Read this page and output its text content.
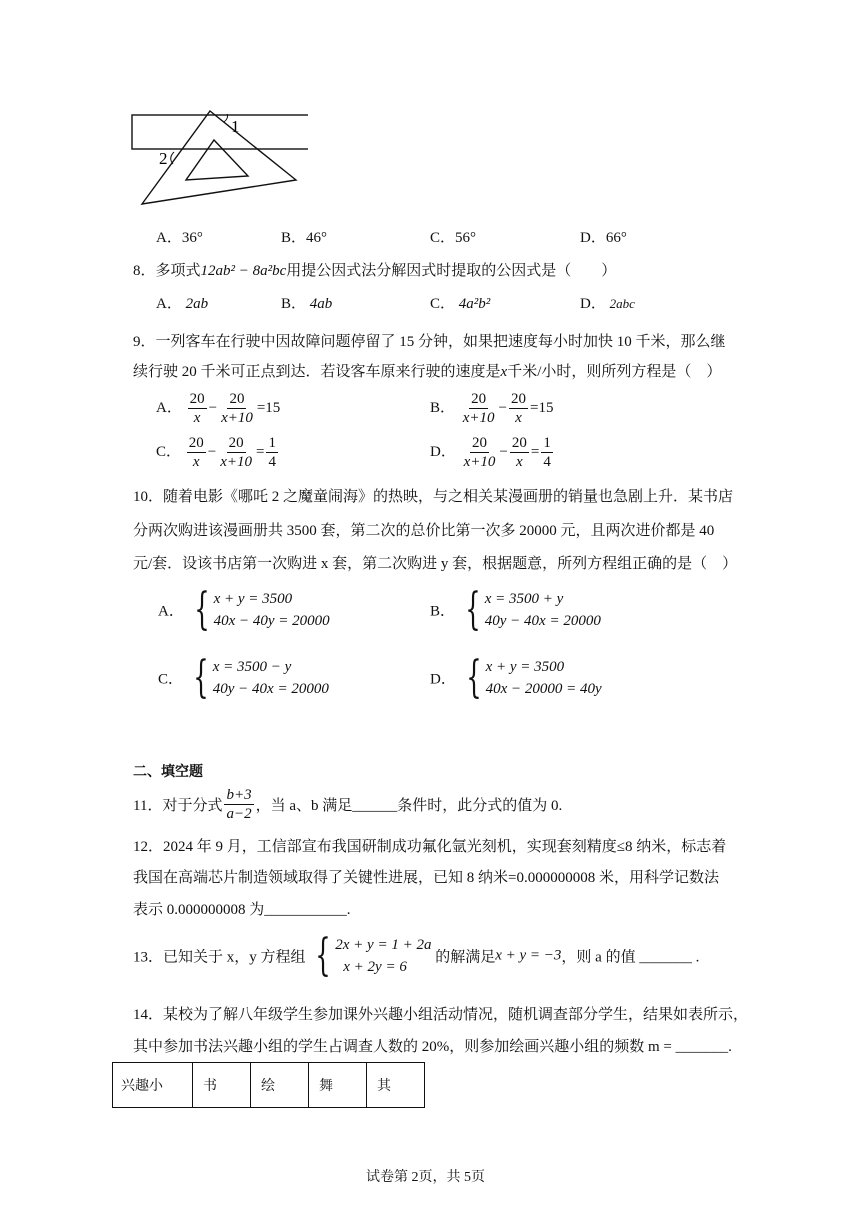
1
2
A．36°	B．46°	C．56°	D．66°
8．多项式12ab² − 8a²bc用提公因式法分解因式时提取的公因式是（　　）
A． 2ab	B． 4ab	C． 4a²b²	D． 2abc
9．一列客车在行驶中因故障问题停留了 15 分钟，如果把速度每小时加快 10 千米，那么继
续行驶 20 千米可正点到达．若设客车原来行驶的速度是x千米/小时，则所列方程是（　）
A． $\frac{20}{x} - \frac{20}{x+10} =15$	B． $\frac{20}{x+10} - \frac{20}{x} =15$
C． $\frac{20}{x} - \frac{20}{x+10} = \frac{1}{4}$	D． $\frac{20}{x+10} - \frac{20}{x} = \frac{1}{4}$
10．随着电影《哪吒 2 之魔童闹海》的热映，与之相关某漫画册的销量也急剧上升．某书店
分两次购进该漫画册共 3500 套，第二次的总价比第一次多 20000 元，且两次进价都是 40
元/套．设该书店第一次购进 x 套，第二次购进 y 套，根据题意，所列方程组正确的是（　）
A． { x + y = 3500
40x − 40y = 20000
B． { x = 3500 + y
40y − 40x = 20000
C． { x = 3500 − y
40y − 40x = 20000
D． { x + y = 3500
40x − 20000 = 40y
二、填空题
11．对于分式 $\frac{b+3}{a-2}$ ，当 a、b 满足______条件时，此分式的值为 0.
12．2024 年 9 月，工信部宣布我国研制成功氟化氩光刻机，实现套刻精度≤8 纳米，标志着
我国在高端芯片制造领域取得了关键性进展，已知 8 纳米=0.000000008 米，用科学记数法
表示 0.000000008 为___________.
13．已知关于 x，y 方程组 { 2x + y = 1 + 2a
x + 2y = 6
的解满足x + y = −3，则 a 的值 _______ .
14．某校为了解八年级学生参加课外兴趣小组活动情况，随机调查部分学生，结果如表所示，
其中参加书法兴趣小组的学生占调查人数的 20%，则参加绘画兴趣小组的频数 m = _______.
兴趣小	书	绘	舞	其
试卷第 2页，共 5页
